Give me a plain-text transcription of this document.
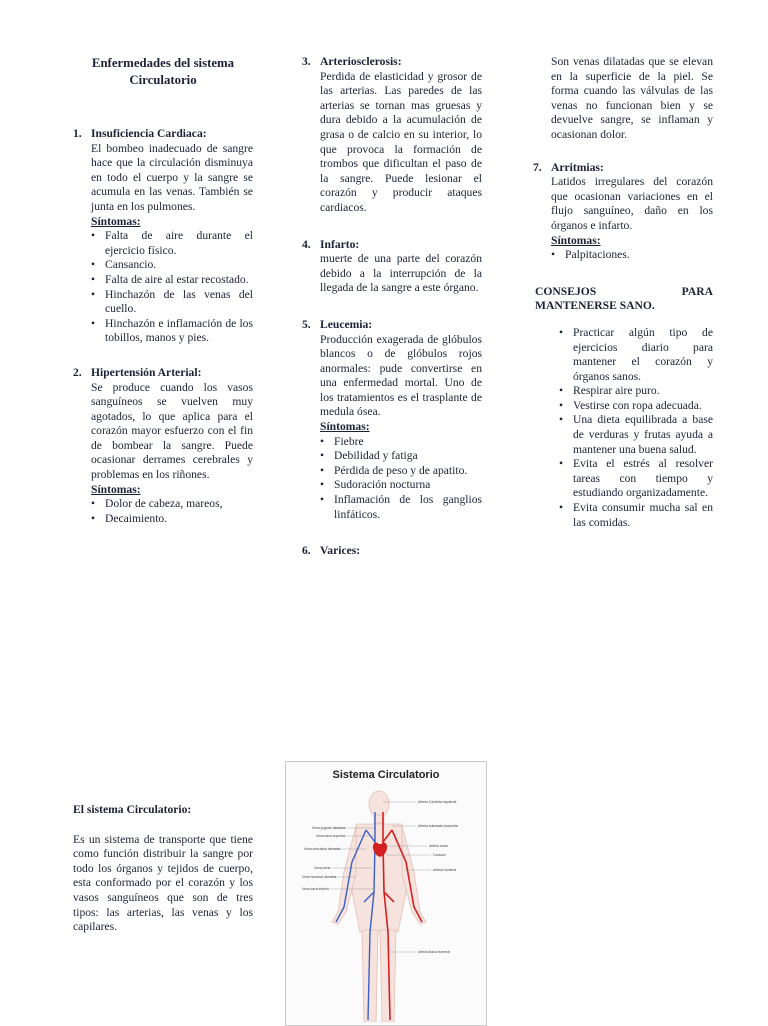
Enfermedades del sistema Circulatorio
1. Insuficiencia Cardiaca:
El bombeo inadecuado de sangre hace que la circulación disminuya en todo el cuerpo y la sangre se acumula en las venas. También se junta en los pulmones.
Síntomas:
• Falta de aire durante el ejercicio físico.
• Cansancio.
• Falta de aire al estar recostado.
• Hinchazón de las venas del cuello.
• Hinchazón e inflamación de los tobillos, manos y pies.
2. Hipertensión Arterial:
Se produce cuando los vasos sanguíneos se vuelven muy agotados, lo que aplica para el corazón mayor esfuerzo con el fin de bombear la sangre. Puede ocasionar derrames cerebrales y problemas en los riñones.
Síntomas:
• Dolor de cabeza, mareos,
• Decaimiento.
El sistema Circulatorio:
Es un sistema de transporte que tiene como función distribuir la sangre por todo los órganos y tejidos de cuerpo, esta conformado por el corazón y los vasos sanguíneos que son de tres tipos: las arterias, las venas y los capilares.
3. Arteriosclerosis:
Perdida de elasticidad y grosor de las arterias. Las paredes de las arterias se tornan mas gruesas y dura debido a la acumulación de grasa o de calcio en su interior, lo que provoca la formación de trombos que dificultan el paso de la sangre. Puede lesionar el corazón y producir ataques cardiacos.
4. Infarto:
muerte de una parte del corazón debido a la interrupción de la llegada de la sangre a este órgano.
5. Leucemia:
Producción exagerada de glóbulos blancos o de glóbulos rojos anormales: pude convertirse en una enfermedad mortal. Uno de los tratamientos es el trasplante de medula ósea.
Síntomas:
• Fiebre
• Debilidad y fatiga
• Pérdida de peso y de apatito.
• Sudoración nocturna
• Inflamación de los ganglios linfáticos.
6. Varices:
Sistema Circulatorio
Vena yugular derecha
Vena cava superior
Vena subclavia derecha
Vena porta
Vena humeral derecha
Vena cava inferior
Arteria Carótida izquierda
Arteria subclavia izquierda
Arteria aorta
Corazón
Arteria humeral
Arteria iliaca humeral
Son venas dilatadas que se elevan en la superficie de la piel. Se forma cuando las válvulas de las venas no funcionan bien y se devuelve sangre, se inflaman y ocasionan dolor.
7. Arritmias:
Latidos irregulares del corazón que ocasionan variaciones en el flujo sanguíneo, daño en los órganos e infarto.
Síntomas:
• Palpitaciones.
CONSEJOS	PARA
MANTENERSE SANO.
• Practicar algún tipo de ejercicios diario para mantener el corazón y órganos sanos.
• Respirar aire puro.
• Vestirse con ropa adecuada.
• Una dieta equilibrada a base de verduras y frutas ayuda a mantener una buena salud.
• Evita el estrés al resolver tareas con tiempo y estudiando organizadamente.
• Evita consumir mucha sal en las comidas.
